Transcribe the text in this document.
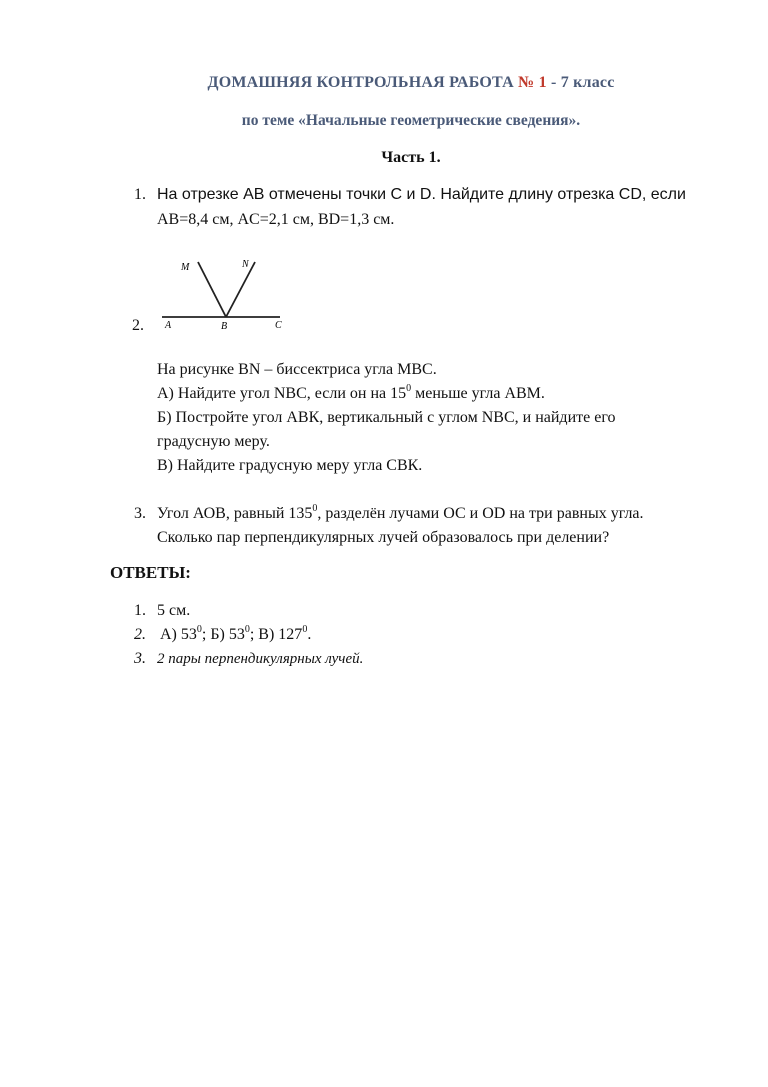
ДОМАШНЯЯ КОНТРОЛЬНАЯ РАБОТА № 1 - 7 класс
по теме «Начальные геометрические сведения».
Часть 1.
1. На отрезке АВ отмечены точки С и D. Найдите длину отрезка CD, если
AB=8,4 см, AC=2,1 см, BD=1,3 см.
2.
M	N
A	B	C
На рисунке BN – биссектриса угла МВС.
А) Найдите угол NBC, если он на $15^0$ меньше угла АВМ.
Б) Постройте угол АВК, вертикальный с углом NBC, и найдите его
градусную меру.
В) Найдите градусную меру угла СВК.
3. Угол АОВ, равный $135^0$, разделён лучами ОС и OD на три равных угла.
Сколько пар перпендикулярных лучей образовалось при делении?
ОТВЕТЫ:
1. 5 см.
2. А) $53^0$; Б) $53^0$; В) $127^0$.
3. 2 пары перпендикулярных лучей.
